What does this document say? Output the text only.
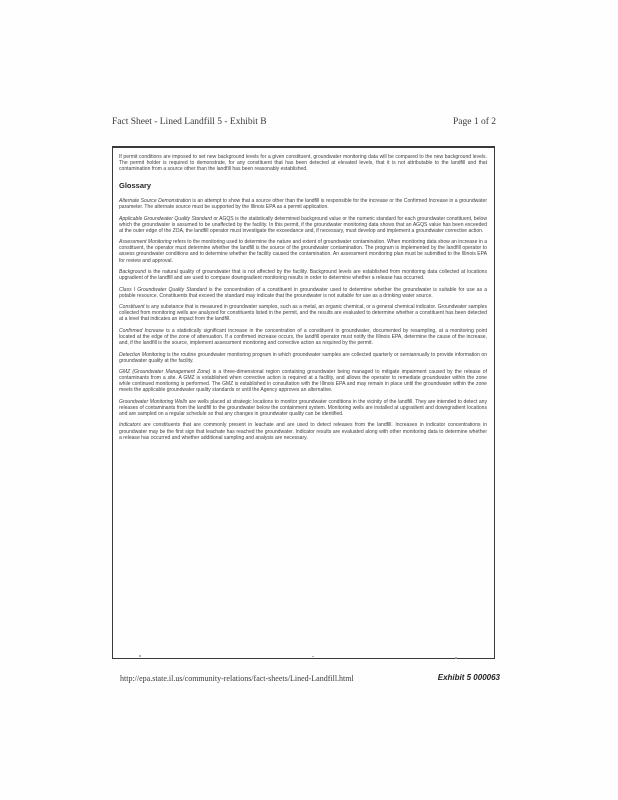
Fact Sheet - Lined Landfill 5 - Exhibit B	Page 1 of 2

If permit conditions are imposed to set new background levels for a given constituent, groundwater monitoring data will be compared to the new background levels. The permit holder is required to demonstrate, for any constituent that has been detected at elevated levels, that it is not attributable to the landfill and that contamination from a source other than the landfill has been reasonably established.

Glossary

Alternate Source Demonstration is an attempt to show that a source other than the landfill is responsible for the increase or the Confirmed Increase in a groundwater parameter. The alternate source must be supported by the Illinois EPA as a permit application.

Applicable Groundwater Quality Standard or AGQS is the statistically determined background value or the numeric standard for each groundwater constituent, below which the groundwater is assumed to be unaffected by the facility. In this permit, if the groundwater monitoring data shows that an AGQS value has been exceeded at the outer edge of the ZOA, the landfill operator must investigate the exceedance and, if necessary, must develop and implement a groundwater corrective action.

Assessment Monitoring refers to the monitoring used to determine the nature and extent of groundwater contamination. When monitoring data show an increase in a constituent, the operator must determine whether the landfill is the source of the groundwater contamination. The program is implemented by the landfill operator to assess groundwater conditions and to determine whether the facility caused the contamination. An assessment monitoring plan must be submitted to the Illinois EPA for review and approval.

Background is the natural quality of groundwater that is not affected by the facility. Background levels are established from monitoring data collected at locations upgradient of the landfill and are used to compare downgradient monitoring results in order to determine whether a release has occurred.

Class I Groundwater Quality Standard is the concentration of a constituent in groundwater used to determine whether the groundwater is suitable for use as a potable resource. Constituents that exceed the standard may indicate that the groundwater is not suitable for use as a drinking water source.

Constituent is any substance that is measured in groundwater samples, such as a metal, an organic chemical, or a general chemical indicator. Groundwater samples collected from monitoring wells are analyzed for constituents listed in the permit, and the results are evaluated to determine whether a constituent has been detected at a level that indicates an impact from the landfill.

Confirmed Increase is a statistically significant increase in the concentration of a constituent in groundwater, documented by resampling, at a monitoring point located at the edge of the zone of attenuation. If a confirmed increase occurs, the landfill operator must notify the Illinois EPA, determine the cause of the increase, and, if the landfill is the source, implement assessment monitoring and corrective action as required by the permit.

Detection Monitoring is the routine groundwater monitoring program in which groundwater samples are collected quarterly or semiannually to provide information on groundwater quality at the facility.

GMZ (Groundwater Management Zone) is a three-dimensional region containing groundwater being managed to mitigate impairment caused by the release of contaminants from a site. A GMZ is established when corrective action is required at a facility, and allows the operator to remediate groundwater within the zone while continued monitoring is performed. The GMZ is established in consultation with the Illinois EPA and may remain in place until the groundwater within the zone meets the applicable groundwater quality standards or until the Agency approves an alternative.

Groundwater Monitoring Wells are wells placed at strategic locations to monitor groundwater conditions in the vicinity of the landfill. They are intended to detect any releases of contaminants from the landfill to the groundwater below the containment system. Monitoring wells are installed at upgradient and downgradient locations and are sampled on a regular schedule so that any changes in groundwater quality can be identified.

Indicators are constituents that are commonly present in leachate and are used to detect releases from the landfill. Increases in indicator concentrations in groundwater may be the first sign that leachate has reached the groundwater. Indicator results are evaluated along with other monitoring data to determine whether a release has occurred and whether additional sampling and analysis are necessary.

http://epa.state.il.us/community-relations/fact-sheets/Lined-Landfill.html	Exhibit 5 000063
